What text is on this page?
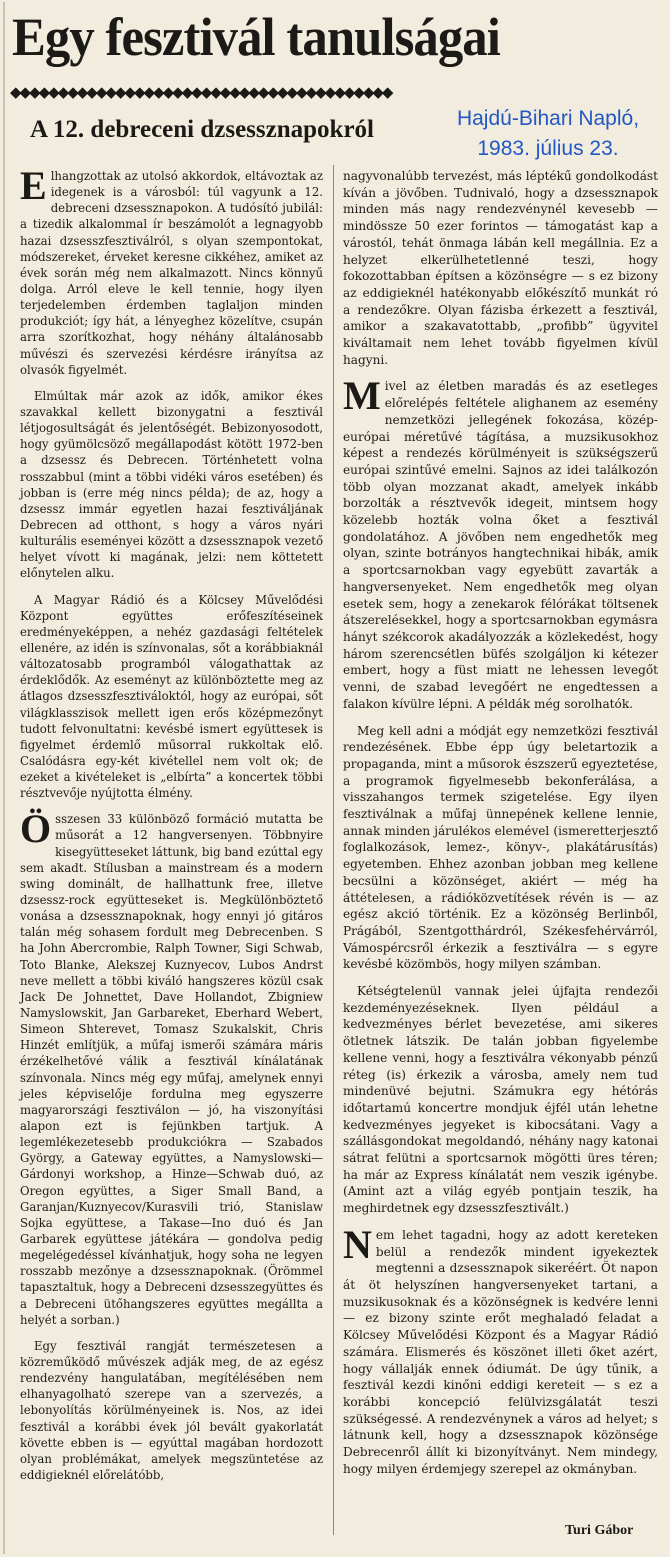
Egy fesztivál tanulságai
◆◆◆◆◆◆◆◆◆◆◆◆◆◆◆◆◆◆◆◆◆◆◆◆◆◆◆◆◆◆◆◆◆◆◆◆◆◆◆◆
A 12. debreceni dzsessznapokról	Hajdú-Bihari Napló,
1983. július 23.

Elhangzottak az utolsó akkordok, eltávoztak az idegenek is a városból: túl vagyunk a 12. debreceni dzsessznapokon. A tudósító jubilál: a tizedik alkalommal ír beszámolót a legnagyobb hazai dzsesszfesztiválról, s olyan szempontokat, módszereket, érveket keresne cikkéhez, amiket az évek során még nem alkalmazott. Nincs könnyű dolga. Arról eleve le kell tennie, hogy ilyen terjedelemben érdemben taglaljon minden produkciót; így hát, a lényeghez közelítve, csupán arra szorítkozhat, hogy néhány általánosabb művészi és szervezési kérdésre irányítsa az olvasók figyelmét.

Elmúltak már azok az idők, amikor ékes szavakkal kellett bizonygatni a fesztivál létjogosultságát és jelentőségét. Bebizonyosodott, hogy gyümölcsöző megállapodást kötött 1972-ben a dzsessz és Debrecen. Történhetett volna rosszabbul (mint a többi vidéki város esetében) és jobban is (erre még nincs példa); de az, hogy a dzsessz immár egyetlen hazai fesztiváljának Debrecen ad otthont, s hogy a város nyári kulturális eseményei között a dzsessznapok vezető helyet vívott ki magának, jelzi: nem köttetett előnytelen alku.

A Magyar Rádió és a Kölcsey Művelődési Központ együttes erőfeszítéseinek eredményeképpen, a nehéz gazdasági feltételek ellenére, az idén is színvonalas, sőt a korábbiaknál változatosabb programból válogathattak az érdeklődők. Az eseményt az különböztette meg az átlagos dzsesszfesztiváloktól, hogy az európai, sőt világklasszisok mellett igen erős középmezőnyt tudott felvonultatni: kevésbé ismert együttesek is figyelmet érdemlő műsorral rukkoltak elő. Csalódásra egy-két kivétellel nem volt ok; de ezeket a kivételeket is „elbírta” a koncertek többi résztvevője nyújtotta élmény.

Összesen 33 különböző formáció mutatta be műsorát a 12 hangversenyen. Többnyire kisegyütteseket láttunk, big band ezúttal egy sem akadt. Stílusban a mainstream és a modern swing dominált, de hallhattunk free, illetve dzsessz-rock együtteseket is. Megkülönböztető vonása a dzsessznapoknak, hogy ennyi jó gitáros talán még sohasem fordult meg Debrecenben. S ha John Abercrombie, Ralph Towner, Sigi Schwab, Toto Blanke, Alekszej Kuznyecov, Lubos Andrst neve mellett a többi kiváló hangszeres közül csak Jack De Johnettet, Dave Hollandot, Zbigniew Namyslowskit, Jan Garbareket, Eberhard Webert, Simeon Shterevet, Tomasz Szukalskit, Chris Hinzét említjük, a műfaj ismerői számára máris érzékelhetővé válik a fesztivál kínálatának színvonala. Nincs még egy műfaj, amelynek ennyi jeles képviselője fordulna meg egyszerre magyarországi fesztiválon — jó, ha viszonyítási alapon ezt is fejünkben tartjuk. A legemlékezetesebb produkciókra — Szabados György, a Gateway együttes, a Namyslowski—Gárdonyi workshop, a Hinze—Schwab duó, az Oregon együttes, a Siger Small Band, a Garanjan/Kuznyecov/Kurasvili trió, Stanislaw Sojka együttese, a Takase—Ino duó és Jan Garbarek együttese játékára — gondolva pedig megelégedéssel kívánhatjuk, hogy soha ne legyen rosszabb mezőnye a dzsessznapoknak. (Örömmel tapasztaltuk, hogy a Debreceni dzsesszegyüttes és a Debreceni ütőhangszeres együttes megállta a helyét a sorban.)

Egy fesztivál rangját természetesen a közreműködő művészek adják meg, de az egész rendezvény hangulatában, megítélésében nem elhanyagolható szerepe van a szervezés, a lebonyolítás körülményeinek is. Nos, az idei fesztivál a korábbi évek jól bevált gyakorlatát követte ebben is — egyúttal magában hordozott olyan problémákat, amelyek megszüntetése az eddigieknél előrelátóbb,

nagyvonalúbb tervezést, más léptékű gondolkodást kíván a jövőben. Tudnivaló, hogy a dzsessznapok minden más nagy rendezvénynél kevesebb — mindössze 50 ezer forintos — támogatást kap a várostól, tehát önmaga lábán kell megállnia. Ez a helyzet elkerülhetetlenné teszi, hogy fokozottabban építsen a közönségre — s ez bizony az eddigieknél hatékonyabb előkészítő munkát ró a rendezőkre. Olyan fázisba érkezett a fesztivál, amikor a szakavatottabb, „profibb” ügyvitel kiváltamait nem lehet tovább figyelmen kívül hagyni.

Mivel az életben maradás és az esetleges előrelépés feltétele alighanem az esemény nemzetközi jellegének fokozása, közép-európai méretűvé tágítása, a muzsikusokhoz képest a rendezés körülményeit is szükségszerű európai szintűvé emelni. Sajnos az idei találkozón több olyan mozzanat akadt, amelyek inkább borzolták a résztvevők idegeit, mintsem hogy közelebb hozták volna őket a fesztivál gondolatához. A jövőben nem engedhetők meg olyan, szinte botrányos hangtechnikai hibák, amik a sportcsarnokban vagy egyebütt zavarták a hangversenyeket. Nem engedhetők meg olyan esetek sem, hogy a zenekarok félórákat töltsenek átszerelésekkel, hogy a sportcsarnokban egymásra hányt székсorok akadályozzák a közlekedést, hogy három szerencsétlen büfés szolgáljon ki kétezer embert, hogy a füst miatt ne lehessen levegőt venni, de szabad levegőért ne engedtessen a falakon kívülre lépni. A példák még sorolhatók.

Meg kell adni a módját egy nemzetközi fesztivál rendezésének. Ebbe épp úgy beletartozik a propaganda, mint a műsorok észszerű egyeztetése, a programok figyelmesebb bekonferálása, a visszahangos termek szigetelése. Egy ilyen fesztiválnak a műfaj ünnepének kellene lennie, annak minden járulékos elemével (ismeretterjesztő foglalkozások, lemez-, könyv-, plakátárusítás) egyetemben. Ehhez azonban jobban meg kellene becsülni a közönséget, akiért — még ha áttételesen, a rádióközvetítések révén is — az egész akció történik. Ez a közönség Berlinből, Prágából, Szentgotthárdról, Székesfehérvárról, Vámospércsről érkezik a fesztiválra — s egyre kevésbé közömbös, hogy milyen számban.

Kétségtelenül vannak jelei újfajta rendezői kezdeményezéseknek. Ilyen például a kedvezményes bérlet bevezetése, ami sikeres ötletnek látszik. De talán jobban figyelembe kellene venni, hogy a fesztiválra vékonyabb pénzű réteg (is) érkezik a városba, amely nem tud mindenüvé bejutni. Számukra egy hétórás időtartamú koncertre mondjuk éjfél után lehetne kedvezményes jegyeket is kibocsátani. Vagy a szállásgondokat megoldandó, néhány nagy katonai sátrat felütni a sportcsarnok mögötti üres téren; ha már az Express kínálatát nem veszik igénybe. (Amint azt a világ egyéb pontjain teszik, ha meghirdetnek egy dzsesszfesztivált.)

Nem lehet tagadni, hogy az adott kereteken belül a rendezők mindent igyekeztek megtenni a dzsessznapok sikeréért. Öt napon át öt helyszínen hangversenyeket tartani, a muzsikusoknak és a közönségnek is kedvére lenni — ez bizony szinte erőt meghaladó feladat a Kölcsey Művelődési Központ és a Magyar Rádió számára. Elismerés és köszönet illeti őket azért, hogy vállalják ennek ódiumát. De úgy tűnik, a fesztivál kezdi kinőni eddigi kereteit — s ez a korábbi koncepció felülvizsgálatát teszi szükségessé. A rendezvénynek a város ad helyet; s látnunk kell, hogy a dzsessznapok közönsége Debrecenről állít ki bizonyítványt. Nem mindegy, hogy milyen érdemjegy szerepel az okmányban.

Turi Gábor
